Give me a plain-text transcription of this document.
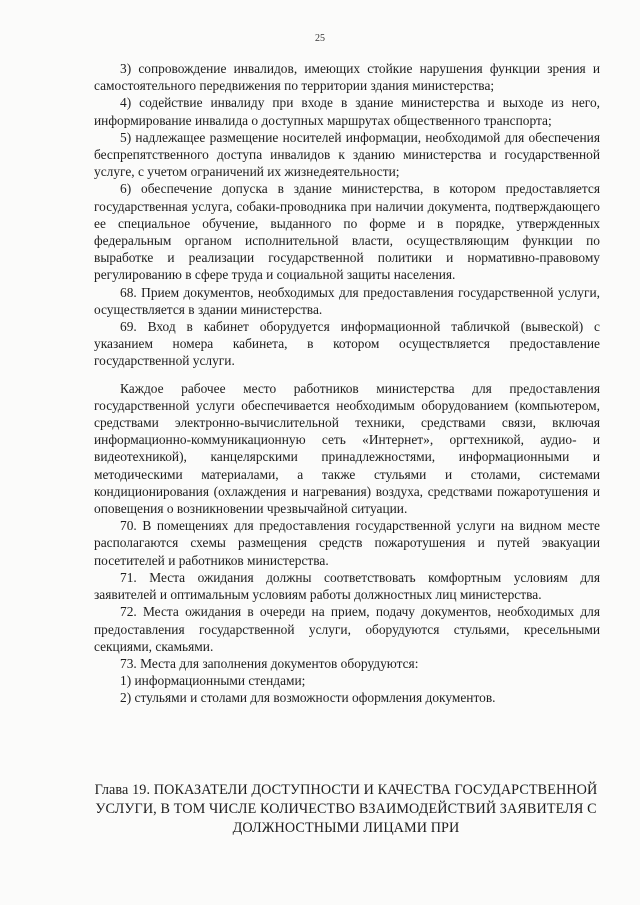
25

3) сопровождение инвалидов, имеющих стойкие нарушения функции зрения и самостоятельного передвижения по территории здания министерства;

4) содействие инвалиду при входе в здание министерства и выходе из него, информирование инвалида о доступных маршрутах общественного транспорта;

5) надлежащее размещение носителей информации, необходимой для обеспечения беспрепятственного доступа инвалидов к зданию министерства и государственной услуге, с учетом ограничений их жизнедеятельности;

6) обеспечение допуска в здание министерства, в котором предоставляется государственная услуга, собаки-проводника при наличии документа, подтверждающего ее специальное обучение, выданного по форме и в порядке, утвержденных федеральным органом исполнительной власти, осуществляющим функции по выработке и реализации государственной политики и нормативно-правовому регулированию в сфере труда и социальной защиты населения.

68. Прием документов, необходимых для предоставления государственной услуги, осуществляется в здании министерства.

69. Вход в кабинет оборудуется информационной табличкой (вывеской) с указанием номера кабинета, в котором осуществляется предоставление государственной услуги.

Каждое рабочее место работников министерства для предоставления государственной услуги обеспечивается необходимым оборудованием (компьютером, средствами электронно-вычислительной техники, средствами связи, включая информационно-коммуникационную сеть «Интернет», оргтехникой, аудио- и видеотехникой), канцелярскими принадлежностями, информационными и методическими материалами, а также стульями и столами, системами кондиционирования (охлаждения и нагревания) воздуха, средствами пожаротушения и оповещения о возникновении чрезвычайной ситуации.

70. В помещениях для предоставления государственной услуги на видном месте располагаются схемы размещения средств пожаротушения и путей эвакуации посетителей и работников министерства.

71. Места ожидания должны соответствовать комфортным условиям для заявителей и оптимальным условиям работы должностных лиц министерства.

72. Места ожидания в очереди на прием, подачу документов, необходимых для предоставления государственной услуги, оборудуются стульями, кресельными секциями, скамьями.

73. Места для заполнения документов оборудуются:

1) информационными стендами;

2) стульями и столами для возможности оформления документов.

Глава 19. ПОКАЗАТЕЛИ ДОСТУПНОСТИ И КАЧЕСТВА ГОСУДАРСТВЕННОЙ УСЛУГИ, В ТОМ ЧИСЛЕ КОЛИЧЕСТВО ВЗАИМОДЕЙСТВИЙ ЗАЯВИТЕЛЯ С ДОЛЖНОСТНЫМИ ЛИЦАМИ ПРИ
